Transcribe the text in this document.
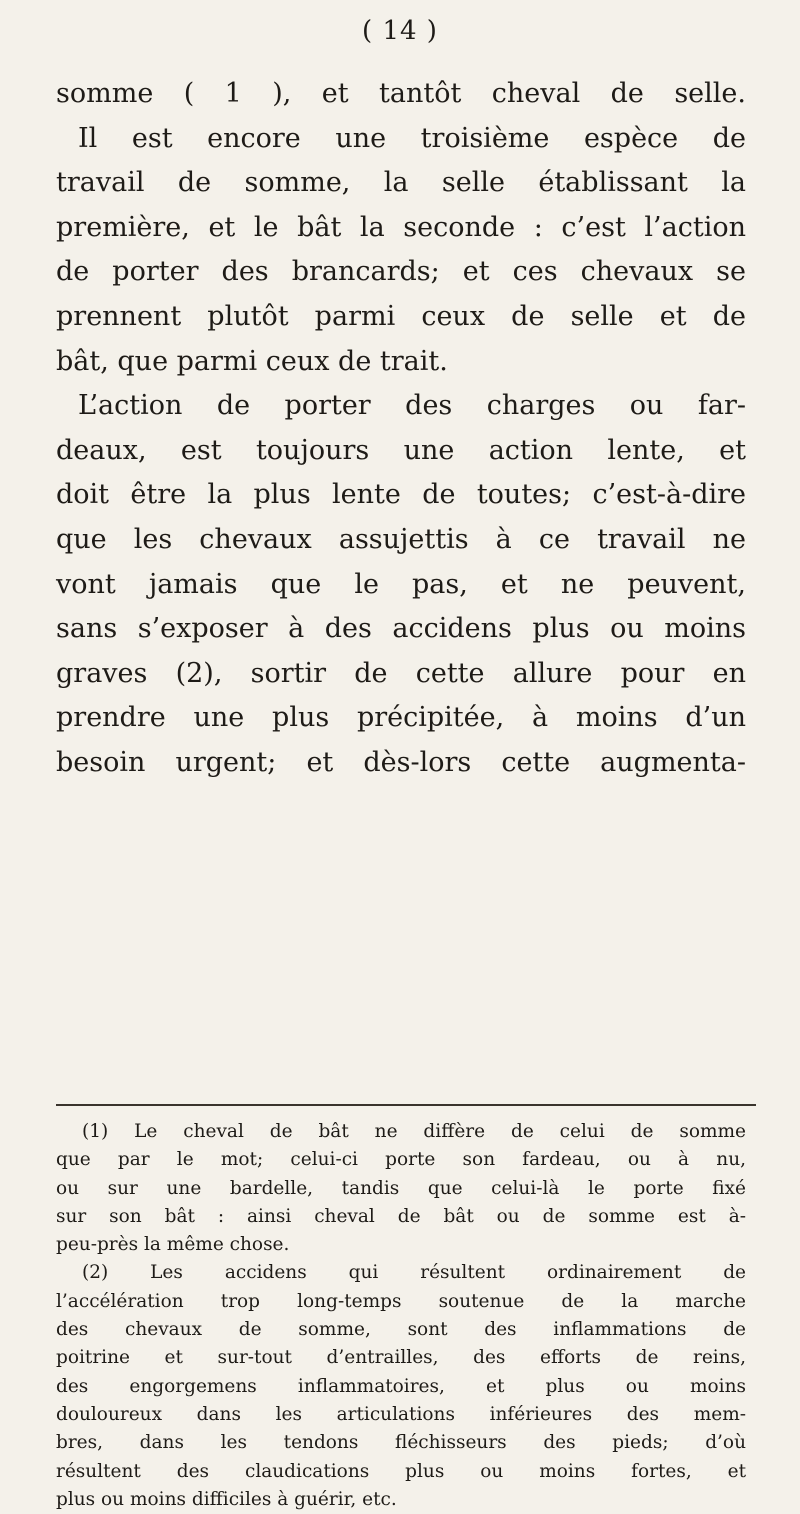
( 14 )
somme ( 1 ), et tantôt cheval de selle.
Il est encore une troisième espèce de
travail de somme, la selle établissant la
première, et le bât la seconde : c’est l’action
de porter des brancards; et ces chevaux se
prennent plutôt parmi ceux de selle et de
bât, que parmi ceux de trait.
L’action de porter des charges ou far-
deaux, est toujours une action lente, et
doit être la plus lente de toutes; c’est-à-dire
que les chevaux assujettis à ce travail ne
vont jamais que le pas, et ne peuvent,
sans s’exposer à des accidens plus ou moins
graves (2), sortir de cette allure pour en
prendre une plus précipitée, à moins d’un
besoin urgent; et dès-lors cette augmenta-
(1) Le cheval de bât ne diffère de celui de somme
que par le mot; celui-ci porte son fardeau, ou à nu,
ou sur une bardelle, tandis que celui-là le porte fixé
sur son bât : ainsi cheval de bât ou de somme est à-
peu-près la même chose.
(2) Les accidens qui résultent ordinairement de
l’accélération trop long-temps soutenue de la marche
des chevaux de somme, sont des inflammations de
poitrine et sur-tout d’entrailles, des efforts de reins,
des engorgemens inflammatoires, et plus ou moins
douloureux dans les articulations inférieures des mem-
bres, dans les tendons fléchisseurs des pieds; d’où
résultent des claudications plus ou moins fortes, et
plus ou moins difficiles à guérir, etc.
